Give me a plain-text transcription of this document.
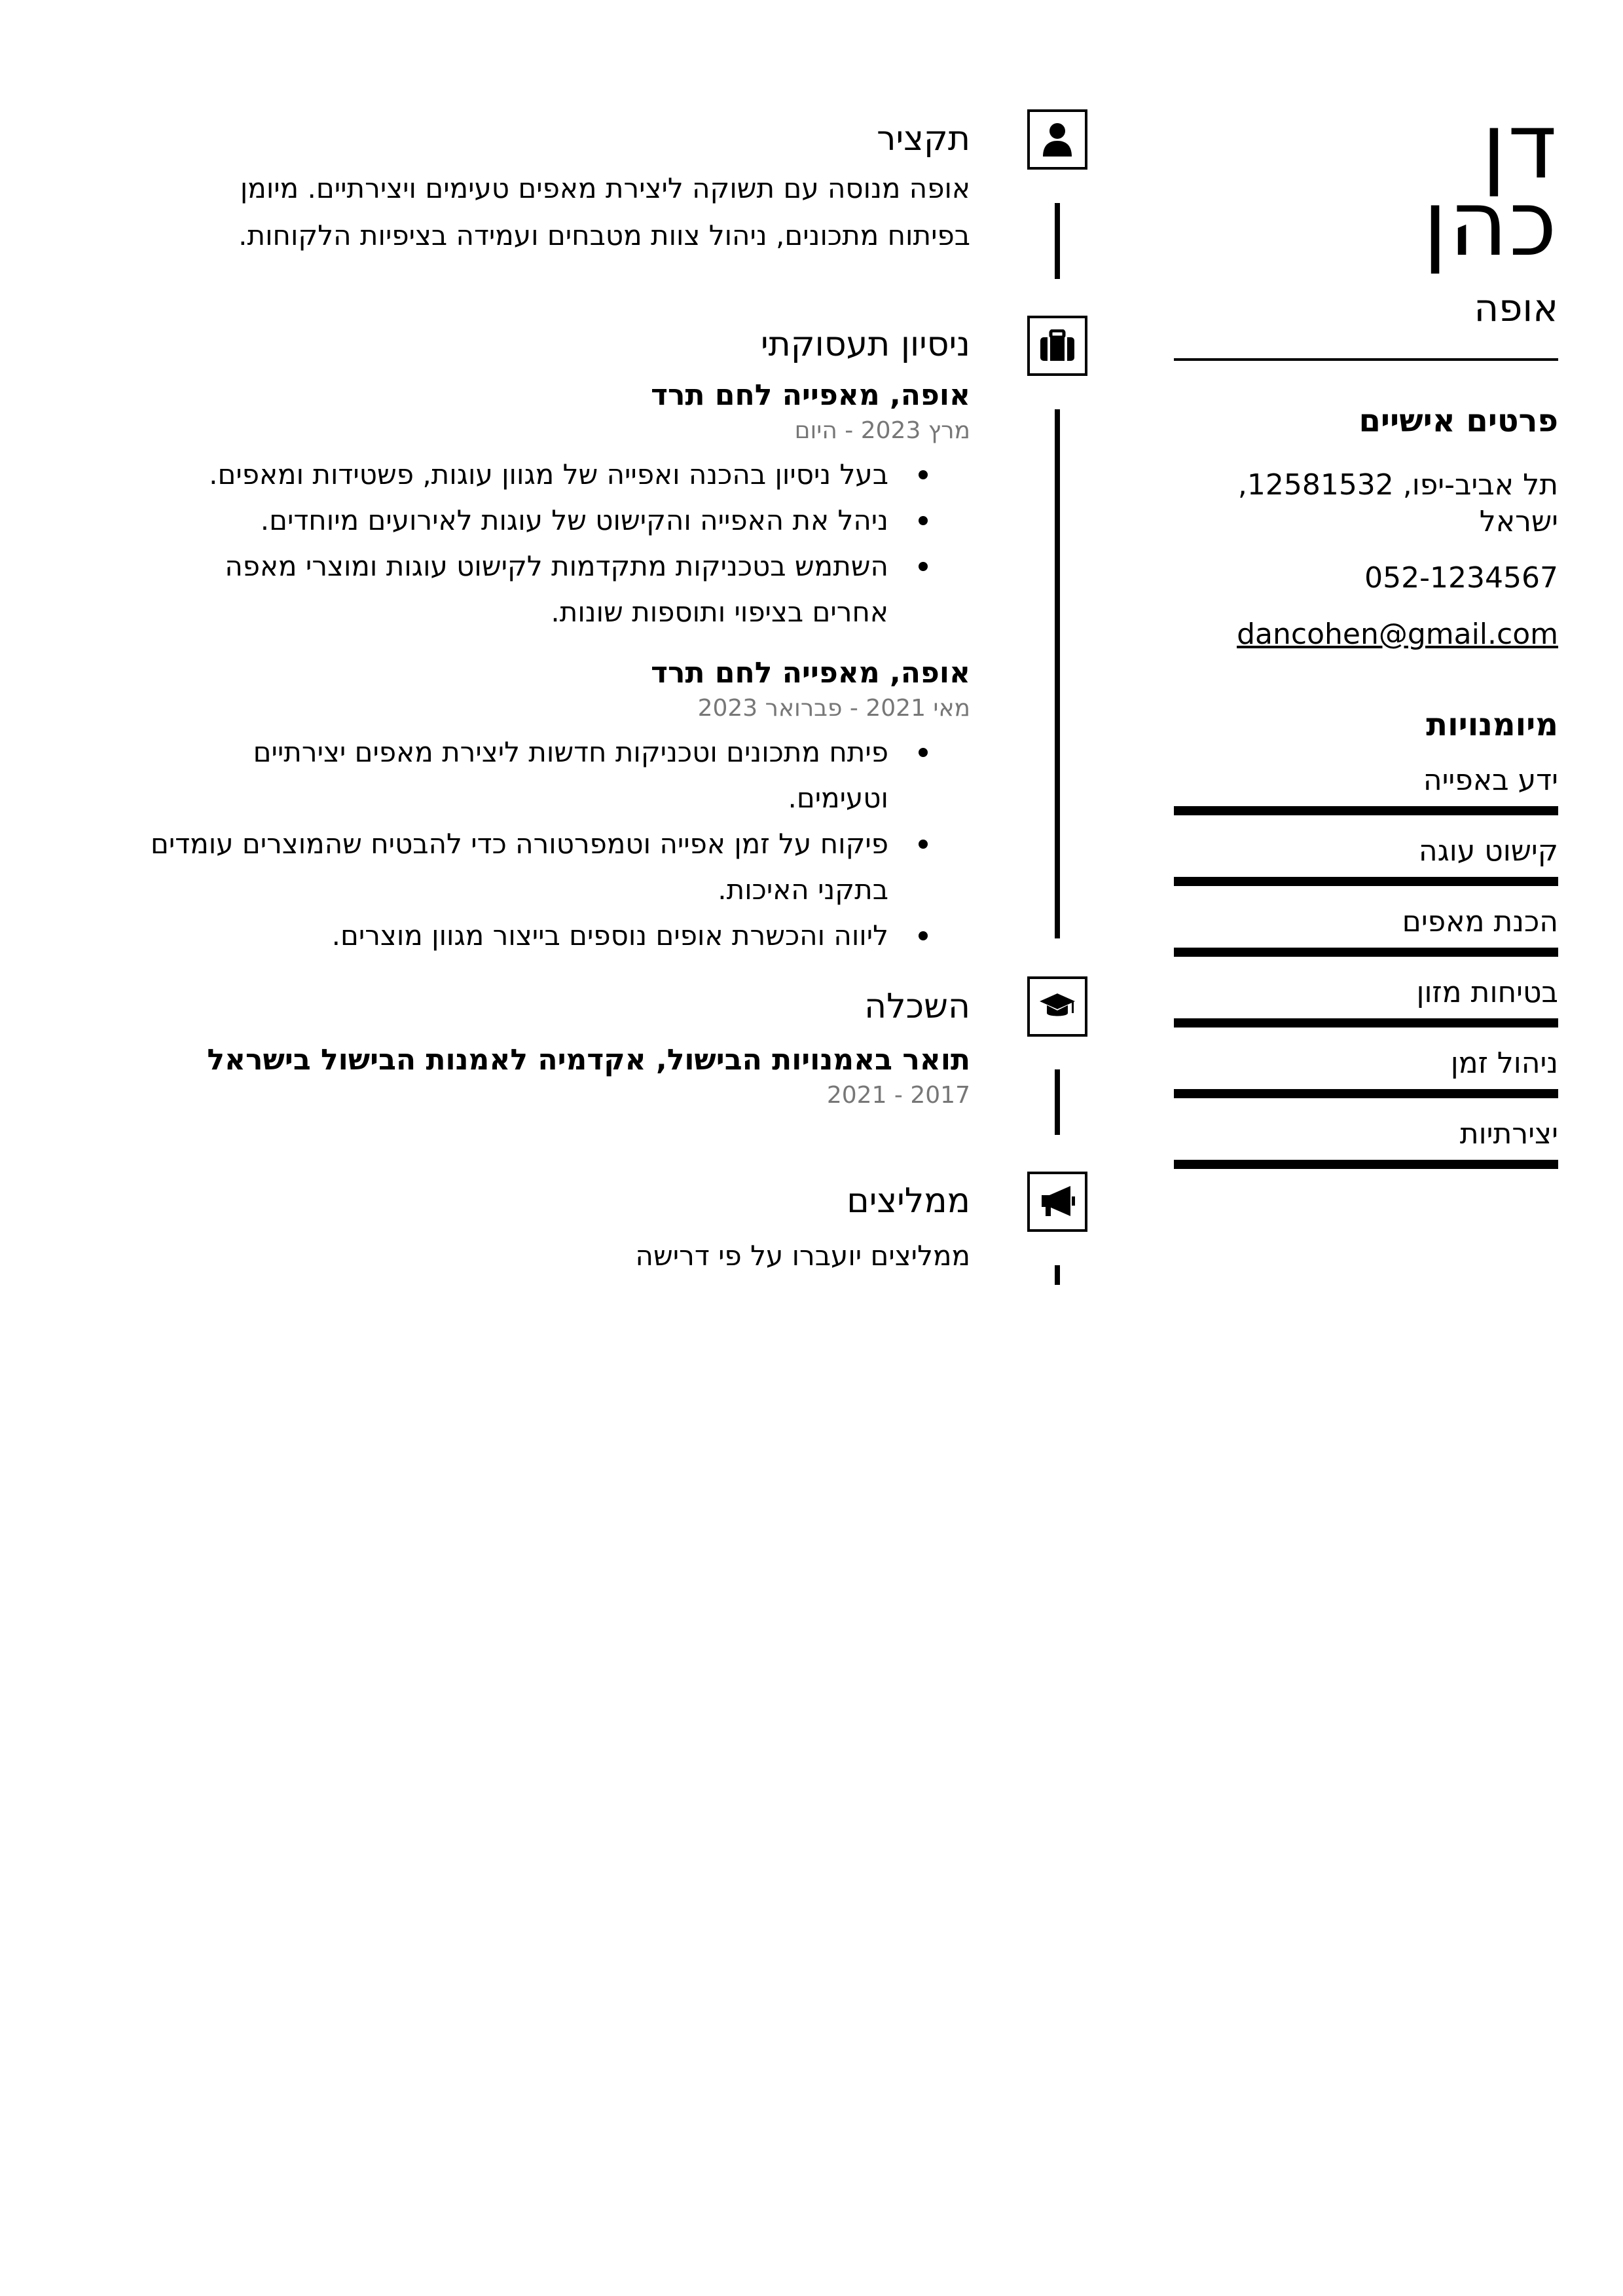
דן
כהן
אופה
פרטים אישיים
תל אביב-יפו, 12581532, ישראל
052-1234567
dancohen@gmail.com
מיומנויות
ידע באפייה
קישוט עוגה
הכנת מאפים
בטיחות מזון
ניהול זמן
יצירתיות
תקציר
אופה מנוסה עם תשוקה ליצירת מאפים טעימים ויצירתיים. מיומן בפיתוח מתכונים, ניהול צוות מטבחים ועמידה בציפיות הלקוחות.
ניסיון תעסוקתי
אופה, מאפייה לחם תרד
מרץ 2023 - היום
בעל ניסיון בהכנה ואפייה של מגוון עוגות, פשטידות ומאפים.
ניהל את האפייה והקישוט של עוגות לאירועים מיוחדים.
השתמש בטכניקות מתקדמות לקישוט עוגות ומוצרי מאפה אחרים בציפוי ותוספות שונות.
אופה, מאפייה לחם תרד
מאי 2021 - פברואר 2023
פיתח מתכונים וטכניקות חדשות ליצירת מאפים יצירתיים וטעימים.
פיקוח על זמן אפייה וטמפרטורה כדי להבטיח שהמוצרים עומדים בתקני האיכות.
ליווה והכשרת אופים נוספים בייצור מגוון מוצרים.
השכלה
תואר באמנויות הבישול, אקדמיה לאמנות הבישול בישראל
2017 - 2021
ממליצים
ממליצים יועברו על פי דרישה
